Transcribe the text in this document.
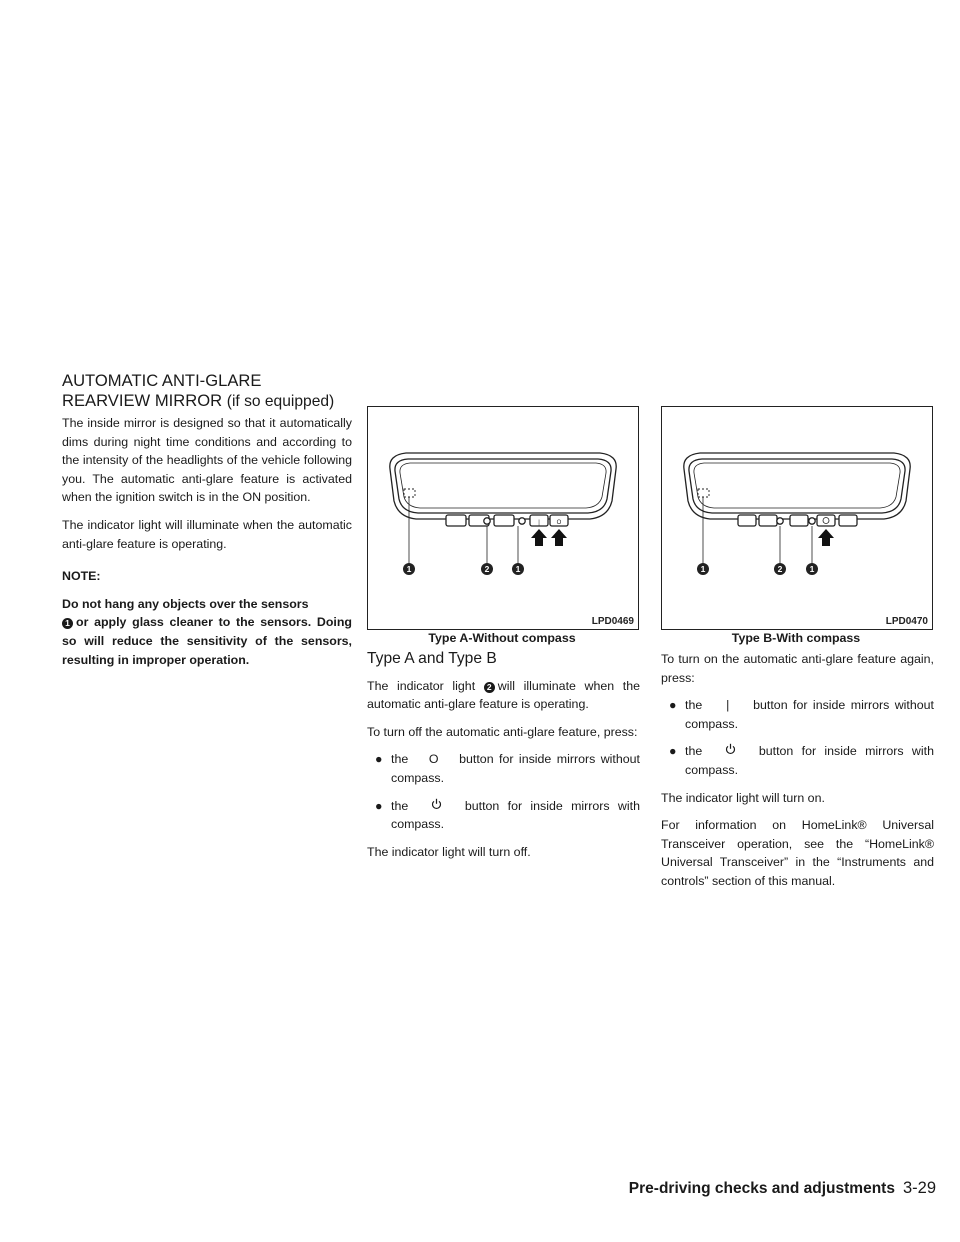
AUTOMATIC ANTI-GLARE
REARVIEW MIRROR (if so equipped)

The inside mirror is designed so that it automatically dims during night time conditions and according to the intensity of the headlights of the vehicle following you. The automatic anti-glare feature is activated when the ignition switch is in the ON position.

The indicator light will illuminate when the automatic anti-glare feature is operating.

NOTE:

Do not hang any objects over the sensors
1 or apply glass cleaner to the sensors. Doing so will reduce the sensitivity of the sensors, resulting in improper operation.

|	O
1	2	1
LPD0469
Type A-Without compass
1	2	1
LPD0470
Type B-With compass
Type A and Type B

The indicator light 2 will illuminate when the automatic anti-glare feature is operating.

To turn off the automatic anti-glare feature, press:

● the O button for inside mirrors without compass.
● the	button for inside mirrors with compass.

The indicator light will turn off.

To turn on the automatic anti-glare feature again, press:

● the | button for inside mirrors without compass.
● the	button for inside mirrors with compass.

The indicator light will turn on.

For information on HomeLink® Universal Transceiver operation, see the “HomeLink® Universal Transceiver” in the “Instruments and controls” section of this manual.

Pre-driving checks and adjustments 3-29
